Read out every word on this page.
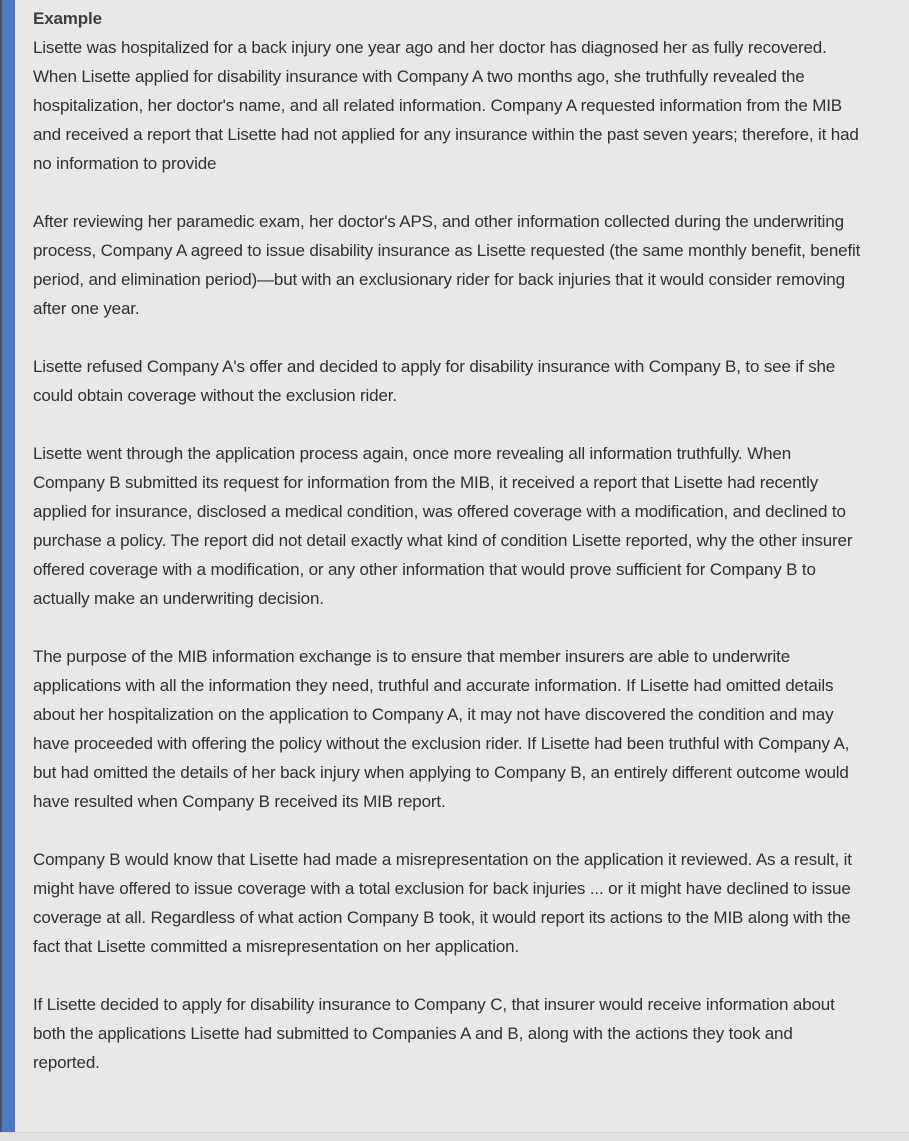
Example

Lisette was hospitalized for a back injury one year ago and her doctor has diagnosed her as fully recovered. When Lisette applied for disability insurance with Company A two months ago, she truthfully revealed the hospitalization, her doctor's name, and all related information. Company A requested information from the MIB and received a report that Lisette had not applied for any insurance within the past seven years; therefore, it had no information to provide

After reviewing her paramedic exam, her doctor's APS, and other information collected during the underwriting process, Company A agreed to issue disability insurance as Lisette requested (the same monthly benefit, benefit period, and elimination period)—but with an exclusionary rider for back injuries that it would consider removing after one year.

Lisette refused Company A's offer and decided to apply for disability insurance with Company B, to see if she could obtain coverage without the exclusion rider.

Lisette went through the application process again, once more revealing all information truthfully. When Company B submitted its request for information from the MIB, it received a report that Lisette had recently applied for insurance, disclosed a medical condition, was offered coverage with a modification, and declined to purchase a policy. The report did not detail exactly what kind of condition Lisette reported, why the other insurer offered coverage with a modification, or any other information that would prove sufficient for Company B to actually make an underwriting decision.

The purpose of the MIB information exchange is to ensure that member insurers are able to underwrite applications with all the information they need, truthful and accurate information. If Lisette had omitted details about her hospitalization on the application to Company A, it may not have discovered the condition and may have proceeded with offering the policy without the exclusion rider. If Lisette had been truthful with Company A, but had omitted the details of her back injury when applying to Company B, an entirely different outcome would have resulted when Company B received its MIB report.

Company B would know that Lisette had made a misrepresentation on the application it reviewed. As a result, it might have offered to issue coverage with a total exclusion for back injuries ... or it might have declined to issue coverage at all. Regardless of what action Company B took, it would report its actions to the MIB along with the fact that Lisette committed a misrepresentation on her application.

If Lisette decided to apply for disability insurance to Company C, that insurer would receive information about both the applications Lisette had submitted to Companies A and B, along with the actions they took and reported.
